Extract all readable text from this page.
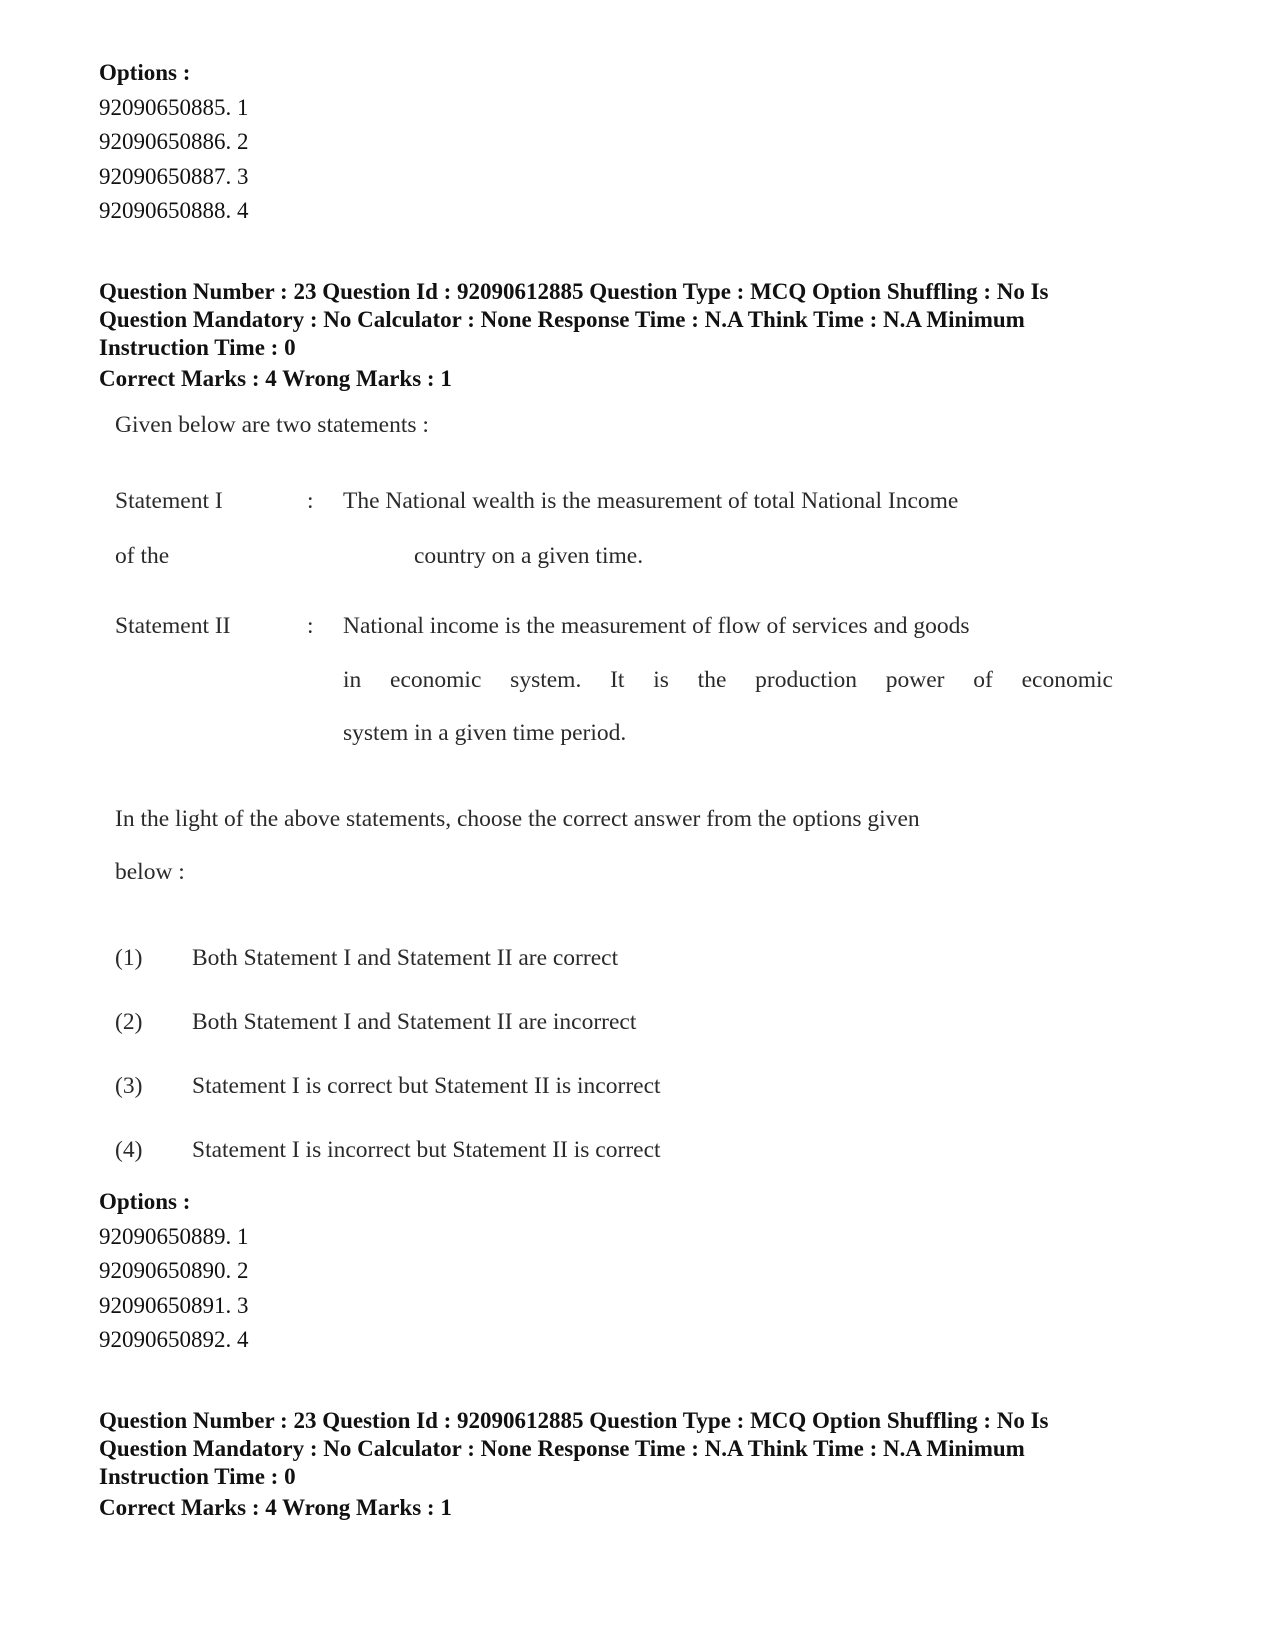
Options :
92090650885. 1
92090650886. 2
92090650887. 3
92090650888. 4
Question Number : 23 Question Id : 92090612885 Question Type : MCQ Option Shuffling : No Is
Question Mandatory : No Calculator : None Response Time : N.A Think Time : N.A Minimum
Instruction Time : 0
Correct Marks : 4 Wrong Marks : 1
Given below are two statements :
Statement I	: The National wealth is the measurement of total National Income
of the	country on a given time.
Statement II	: National income is the measurement of flow of services and goods
in economic system. It is the production power of economic
system in a given time period.
In the light of the above statements, choose the correct answer from the options given
below :
(1) Both Statement I and Statement II are correct
(2) Both Statement I and Statement II are incorrect
(3) Statement I is correct but Statement II is incorrect
(4) Statement I is incorrect but Statement II is correct
Options :
92090650889. 1
92090650890. 2
92090650891. 3
92090650892. 4
Question Number : 23 Question Id : 92090612885 Question Type : MCQ Option Shuffling : No Is
Question Mandatory : No Calculator : None Response Time : N.A Think Time : N.A Minimum
Instruction Time : 0
Correct Marks : 4 Wrong Marks : 1
